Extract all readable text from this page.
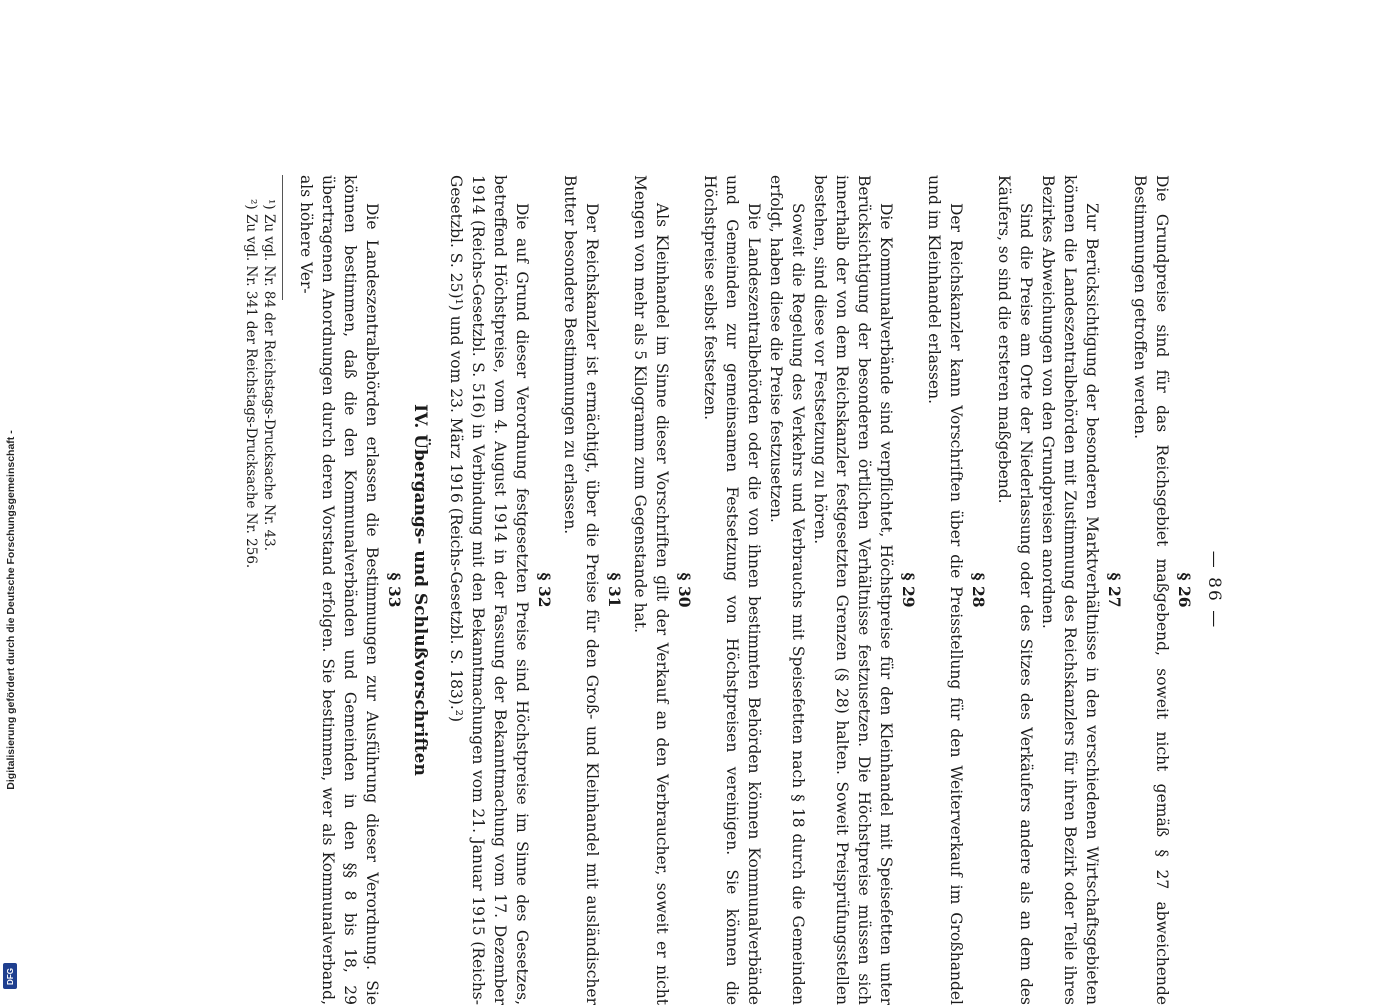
Digitalisierung gefördert durch die Deutsche Forschungsgemeinschaft -
DFG
— 86 —
§ 26

Die Grundpreise sind für das Reichsgebiet maßgebend, soweit nicht gemäß § 27 abweichende Bestimmungen getroffen werden.

§ 27

Zur Berücksichtigung der besonderen Marktverhältnisse in den verschiedenen Wirtschaftsgebieten können die Landeszentralbehörden mit Zustimmung des Reichskanzlers für ihren Bezirk oder Teile ihres Bezirkes Abweichungen von den Grundpreisen anordnen.

Sind die Preise am Orte der Niederlassung oder des Sitzes des Verkäufers andere als an dem des Käufers, so sind die ersteren maßgebend.

§ 28

Der Reichskanzler kann Vorschriften über die Preisstellung für den Weiterverkauf im Großhandel und im Kleinhandel erlassen.

§ 29

Die Kommunalverbände sind verpflichtet, Höchstpreise für den Kleinhandel mit Speisefetten unter Berücksichtigung der besonderen örtlichen Verhältnisse festzusetzen. Die Höchstpreise müssen sich innerhalb der von dem Reichskanzler festgesetzten Grenzen (§ 28) halten. Soweit Preisprüfungsstellen bestehen, sind diese vor Festsetzung zu hören.

Soweit die Regelung des Verkehrs und Verbrauchs mit Speisefetten nach § 18 durch die Gemeinden erfolgt, haben diese die Preise festzusetzen.

Die Landeszentralbehörden oder die von ihnen bestimmten Behörden können Kommunalverbände und Gemeinden zur gemeinsamen Festsetzung von Höchstpreisen vereinigen. Sie können die Höchstpreise selbst festsetzen.

§ 30

Als Kleinhandel im Sinne dieser Vorschriften gilt der Verkauf an den Verbraucher, soweit er nicht Mengen von mehr als 5 Kilogramm zum Gegenstande hat.

§ 31

Der Reichskanzler ist ermächtigt, über die Preise für den Groß- und Kleinhandel mit ausländischer Butter besondere Bestimmungen zu erlassen.

§ 32

Die auf Grund dieser Verordnung festgesetzten Preise sind Höchstpreise im Sinne des Gesetzes, betreffend Höchstpreise, vom 4. August 1914 in der Fassung der Bekanntmachung vom 17. Dezember 1914 (Reichs-Gesetzbl. S. 516) in Verbindung mit den Bekanntmachungen vom 21. Januar 1915 (Reichs-Gesetzbl. S. 25)¹) und vom 23. März 1916 (Reichs-Gesetzbl. S. 183).²)

IV. Übergangs- und Schlußvorschriften
§ 33

Die Landeszentralbehörden erlassen die Bestimmungen zur Ausführung dieser Verordnung. Sie können bestimmen, daß die den Kommunalverbänden und Gemeinden in den §§ 8 bis 18, 29 übertragenen Anordnungen durch deren Vorstand erfolgen. Sie bestimmen, wer als Kommunalverband, als höhere Ver-

¹) Zu vgl. Nr. 84 der Reichstags-Drucksache Nr. 43.

²) Zu vgl. Nr. 341 der Reichstags-Drucksache Nr. 256.
